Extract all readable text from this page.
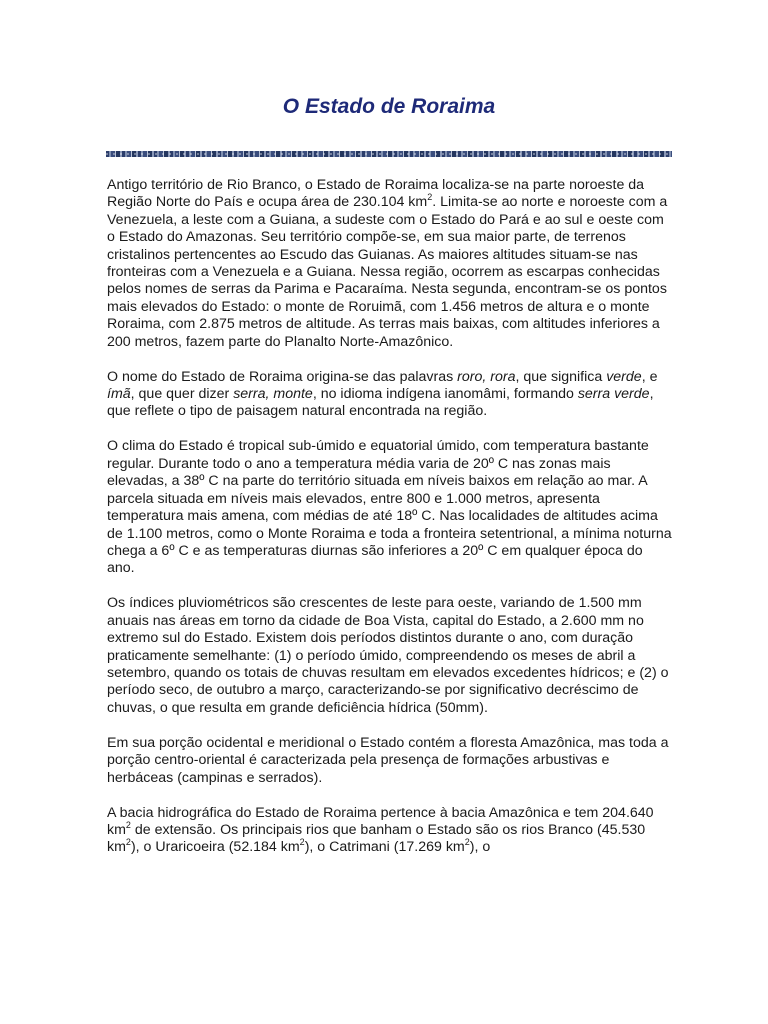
O Estado de Roraima

Antigo território de Rio Branco, o Estado de Roraima localiza-se na parte noroeste da Região Norte do País e ocupa área de 230.104 $km^2$. Limita-se ao norte e noroeste com a Venezuela, a leste com a Guiana, a sudeste com o Estado do Pará e ao sul e oeste com o Estado do Amazonas. Seu território compõe-se, em sua maior parte, de terrenos cristalinos pertencentes ao Escudo das Guianas. As maiores altitudes situam-se nas fronteiras com a Venezuela e a Guiana. Nessa região, ocorrem as escarpas conhecidas pelos nomes de serras da Parima e Pacaraíma. Nesta segunda, encontram-se os pontos mais elevados do Estado: o monte de Roruimã, com 1.456 metros de altura e o monte Roraima, com 2.875 metros de altitude. As terras mais baixas, com altitudes inferiores a 200 metros, fazem parte do Planalto Norte-Amazônico.

O nome do Estado de Roraima origina-se das palavras roro, rora, que significa verde, e ímã, que quer dizer serra, monte, no idioma indígena ianomâmi, formando serra verde, que reflete o tipo de paisagem natural encontrada na região.

O clima do Estado é tropical sub-úmido e equatorial úmido, com temperatura bastante regular. Durante todo o ano a temperatura média varia de 20º C nas zonas mais elevadas, a 38º C na parte do território situada em níveis baixos em relação ao mar. A parcela situada em níveis mais elevados, entre 800 e 1.000 metros, apresenta temperatura mais amena, com médias de até 18º C. Nas localidades de altitudes acima de 1.100 metros, como o Monte Roraima e toda a fronteira setentrional, a mínima noturna chega a 6º C e as temperaturas diurnas são inferiores a 20º C em qualquer época do ano.

Os índices pluviométricos são crescentes de leste para oeste, variando de 1.500 mm anuais nas áreas em torno da cidade de Boa Vista, capital do Estado, a 2.600 mm no extremo sul do Estado. Existem dois períodos distintos durante o ano, com duração praticamente semelhante: (1) o período úmido, compreendendo os meses de abril a setembro, quando os totais de chuvas resultam em elevados excedentes hídricos; e (2) o período seco, de outubro a março, caracterizando-se por significativo decréscimo de chuvas, o que resulta em grande deficiência hídrica (50mm).

Em sua porção ocidental e meridional o Estado contém a floresta Amazônica, mas toda a porção centro-oriental é caracterizada pela presença de formações arbustivas e herbáceas (campinas e serrados).

A bacia hidrográfica do Estado de Roraima pertence à bacia Amazônica e tem 204.640 $km^2$ de extensão. Os principais rios que banham o Estado são os rios Branco (45.530 $km^2$), o Uraricoeira (52.184 $km^2$), o Catrimani (17.269 $km^2$), o
